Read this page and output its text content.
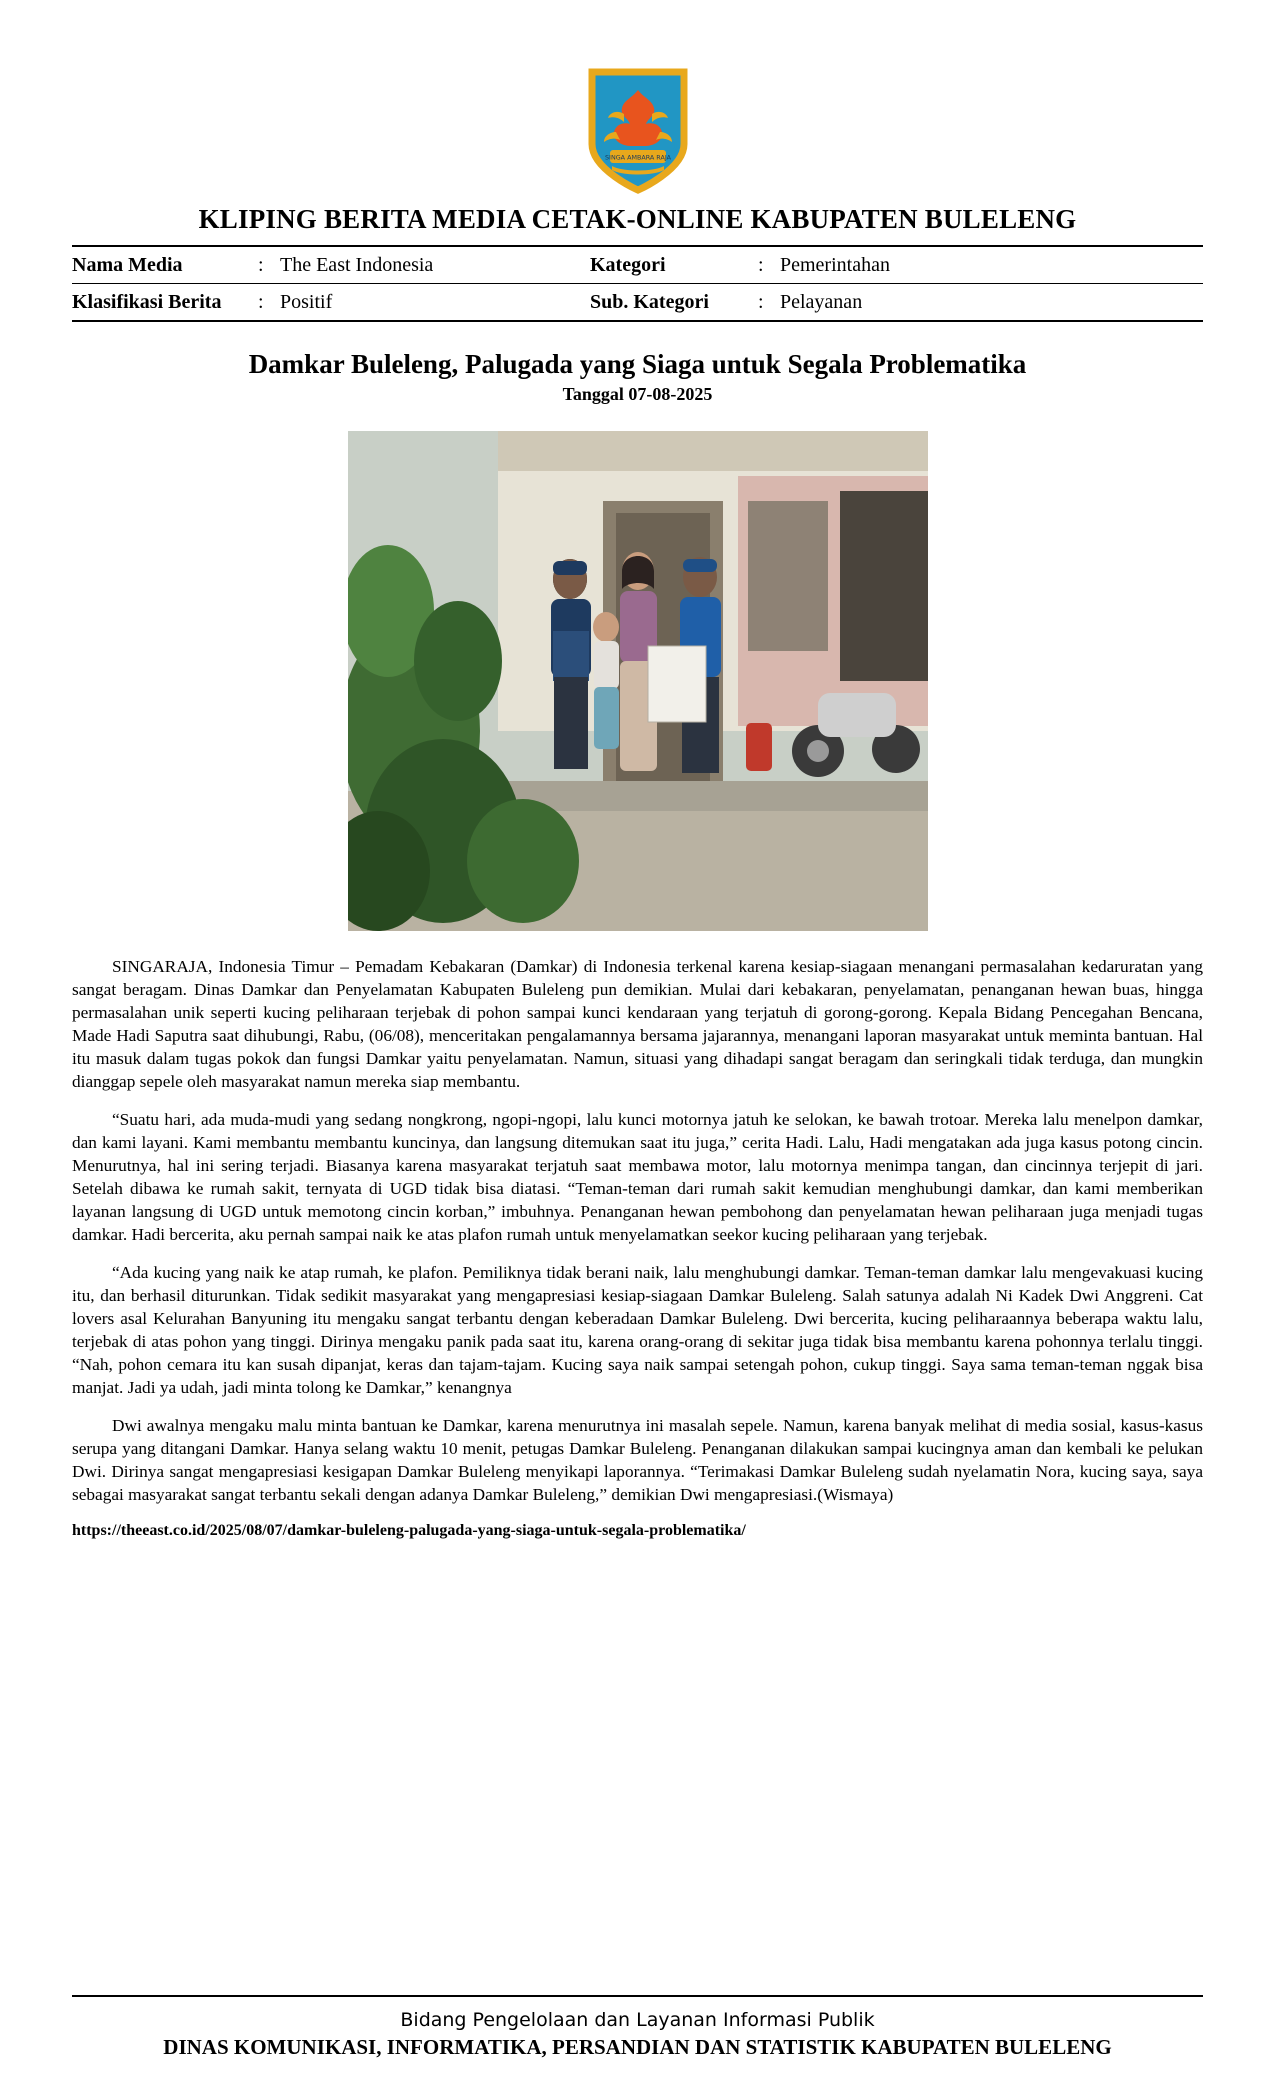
SINGA AMBARA RAJA
KLIPING BERITA MEDIA CETAK-ONLINE KABUPATEN BULELENG
Nama Media	:	The East Indonesia	Kategori	:	Pemerintahan

Klasifikasi Berita	:	Positif	Sub. Kategori	:	Pelayanan
Damkar Buleleng, Palugada yang Siaga untuk Segala Problematika
Tanggal 07-08-2025

SINGARAJA, Indonesia Timur – Pemadam Kebakaran (Damkar) di Indonesia terkenal karena kesiap-siagaan menangani permasalahan kedaruratan yang sangat beragam. Dinas Damkar dan Penyelamatan Kabupaten Buleleng pun demikian. Mulai dari kebakaran, penyelamatan, penanganan hewan buas, hingga permasalahan unik seperti kucing peliharaan terjebak di pohon sampai kunci kendaraan yang terjatuh di gorong-gorong. Kepala Bidang Pencegahan Bencana, Made Hadi Saputra saat dihubungi, Rabu, (06/08), menceritakan pengalamannya bersama jajarannya, menangani laporan masyarakat untuk meminta bantuan. Hal itu masuk dalam tugas pokok dan fungsi Damkar yaitu penyelamatan. Namun, situasi yang dihadapi sangat beragam dan seringkali tidak terduga, dan mungkin dianggap sepele oleh masyarakat namun mereka siap membantu.

“Suatu hari, ada muda-mudi yang sedang nongkrong, ngopi-ngopi, lalu kunci motornya jatuh ke selokan, ke bawah trotoar. Mereka lalu menelpon damkar, dan kami layani. Kami membantu membantu kuncinya, dan langsung ditemukan saat itu juga,” cerita Hadi. Lalu, Hadi mengatakan ada juga kasus potong cincin. Menurutnya, hal ini sering terjadi. Biasanya karena masyarakat terjatuh saat membawa motor, lalu motornya menimpa tangan, dan cincinnya terjepit di jari. Setelah dibawa ke rumah sakit, ternyata di UGD tidak bisa diatasi. “Teman-teman dari rumah sakit kemudian menghubungi damkar, dan kami memberikan layanan langsung di UGD untuk memotong cincin korban,” imbuhnya. Penanganan hewan pembohong dan penyelamatan hewan peliharaan juga menjadi tugas damkar. Hadi bercerita, aku pernah sampai naik ke atas plafon rumah untuk menyelamatkan seekor kucing peliharaan yang terjebak.

“Ada kucing yang naik ke atap rumah, ke plafon. Pemiliknya tidak berani naik, lalu menghubungi damkar. Teman-teman damkar lalu mengevakuasi kucing itu, dan berhasil diturunkan. Tidak sedikit masyarakat yang mengapresiasi kesiap-siagaan Damkar Buleleng. Salah satunya adalah Ni Kadek Dwi Anggreni. Cat lovers asal Kelurahan Banyuning itu mengaku sangat terbantu dengan keberadaan Damkar Buleleng. Dwi bercerita, kucing peliharaannya beberapa waktu lalu, terjebak di atas pohon yang tinggi. Dirinya mengaku panik pada saat itu, karena orang-orang di sekitar juga tidak bisa membantu karena pohonnya terlalu tinggi. “Nah, pohon cemara itu kan susah dipanjat, keras dan tajam-tajam. Kucing saya naik sampai setengah pohon, cukup tinggi. Saya sama teman-teman nggak bisa manjat. Jadi ya udah, jadi minta tolong ke Damkar,” kenangnya

Dwi awalnya mengaku malu minta bantuan ke Damkar, karena menurutnya ini masalah sepele. Namun, karena banyak melihat di media sosial, kasus-kasus serupa yang ditangani Damkar. Hanya selang waktu 10 menit, petugas Damkar Buleleng. Penanganan dilakukan sampai kucingnya aman dan kembali ke pelukan Dwi. Dirinya sangat mengapresiasi kesigapan Damkar Buleleng menyikapi laporannya. “Terimakasi Damkar Buleleng sudah nyelamatin Nora, kucing saya, saya sebagai masyarakat sangat terbantu sekali dengan adanya Damkar Buleleng,” demikian Dwi mengapresiasi.(Wismaya)

https://theeast.co.id/2025/08/07/damkar-buleleng-palugada-yang-siaga-untuk-segala-problematika/
Bidang Pengelolaan dan Layanan Informasi Publik
DINAS KOMUNIKASI, INFORMATIKA, PERSANDIAN DAN STATISTIK KABUPATEN BULELENG
